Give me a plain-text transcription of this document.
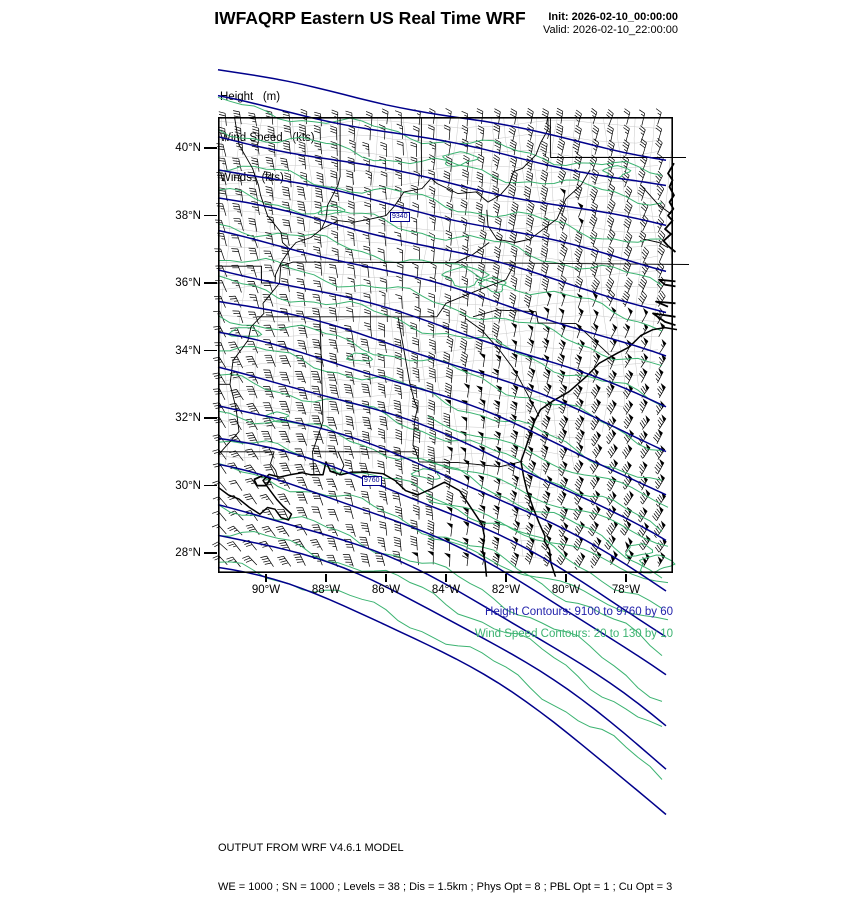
IWFAQRP Eastern US Real Time WRF	Init: 2026-02-10_00:00:00
Valid: 2026-02-10_22:00:00

Height   (m)

Wind Speed   (kts)

Winds   (kts)

40°N
38°N
36°N
34°N
32°N
30°N
28°N
90°W	88°W	86°W	84°W	82°W	80°W	78°W
Height Contours: 9100 to 9760 by 60
Wind Speed Contours: 20 to 130 by 10

OUTPUT FROM WRF V4.6.1 MODEL

WE = 1000 ; SN = 1000 ; Levels = 38 ; Dis = 1.5km ; Phys Opt = 8 ; PBL Opt = 1 ; Cu Opt = 3

9340
9760
